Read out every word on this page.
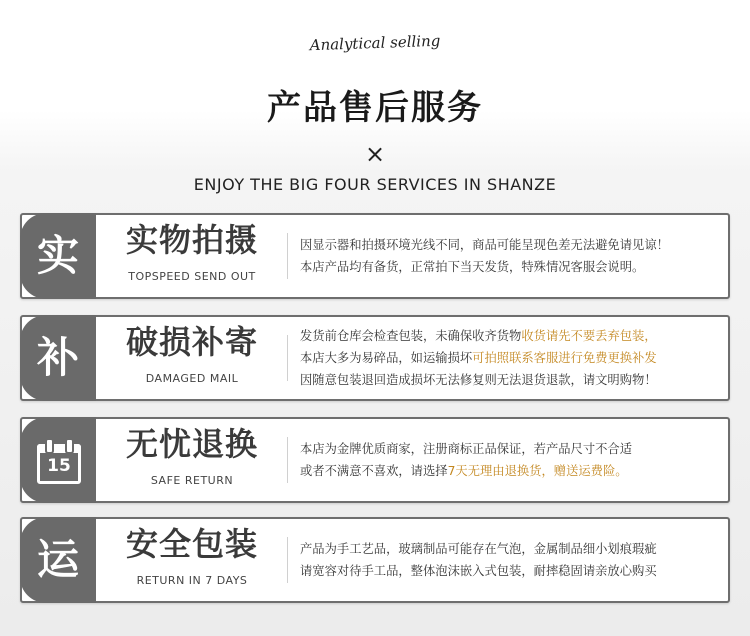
Analytical selling
产品售后服务
×
ENJOY THE BIG FOUR SERVICES IN SHANZE
实	实物拍摄
TOPSPEED SEND OUT
因显示器和拍摄环境光线不同，商品可能呈现色差无法避免请见谅！
本店产品均有备货，正常拍下当天发货，特殊情况客服会说明。
补	破损补寄
DAMAGED MAIL
发货前仓库会检查包装，未确保收齐货物收货请先不要丢弃包装，
本店大多为易碎品，如运输损坏可拍照联系客服进行免费更换补发
因随意包装退回造成损坏无法修复则无法退货退款，请文明购物！
15
无忧退换
SAFE RETURN
本店为金牌优质商家，注册商标正品保证，若产品尺寸不合适
或者不满意不喜欢，请选择7天无理由退换货，赠送运费险。
运	安全包装
RETURN IN 7 DAYS
产品为手工艺品，玻璃制品可能存在气泡，金属制品细小划痕瑕疵
请宽容对待手工品，整体泡沫嵌入式包装，耐摔稳固请亲放心购买
